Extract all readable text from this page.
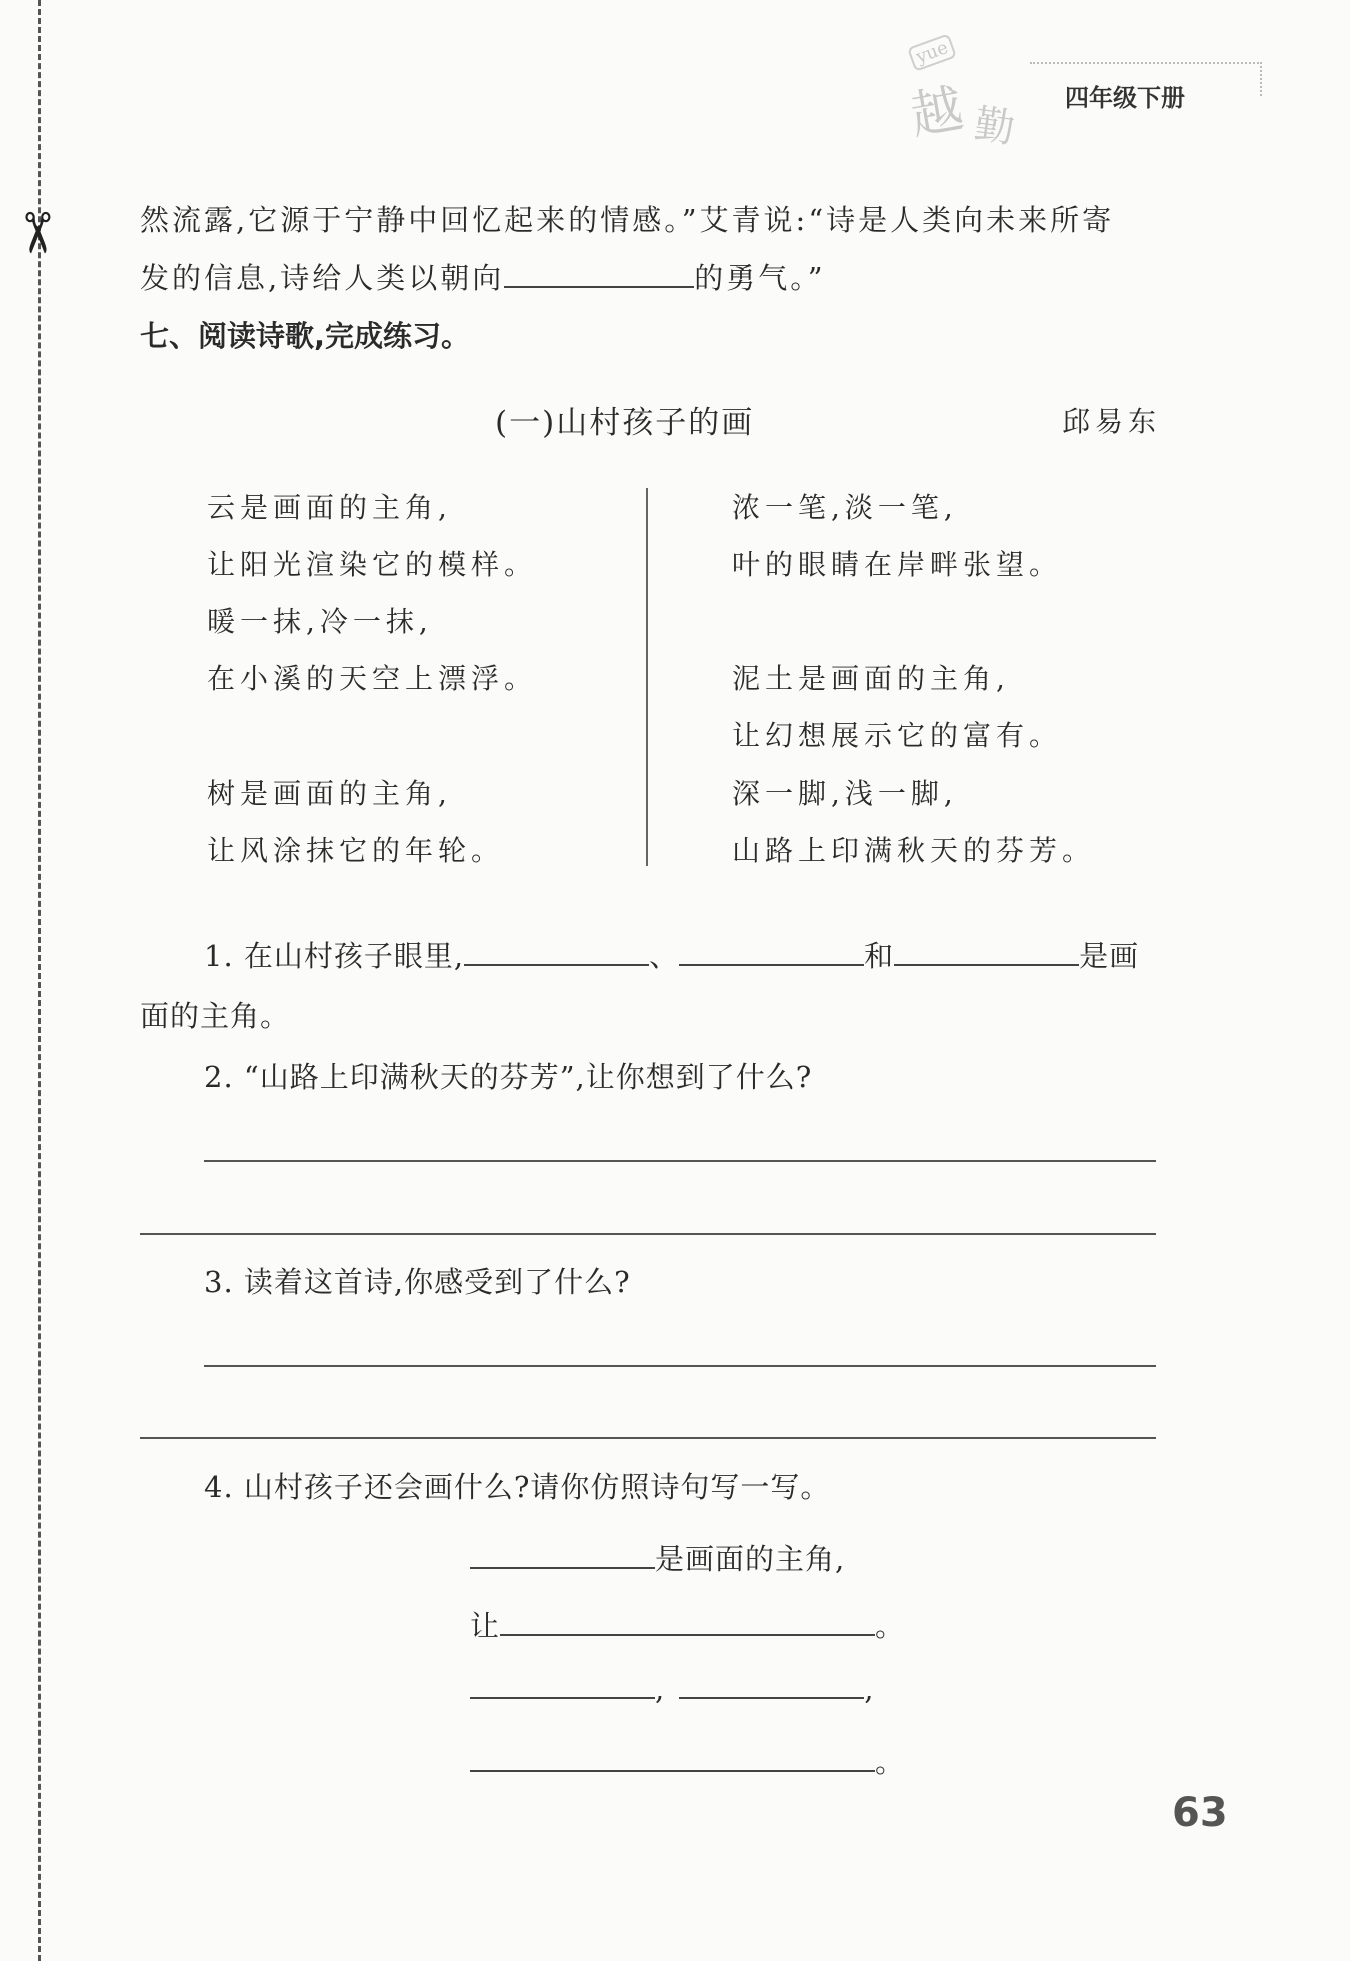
✂
yue
越 勤
四年级下册
然流露,它源于宁静中回忆起来的情感。”艾青说:“诗是人类向未来所寄
发的信息,诗给人类以朝向	的勇气。”
七、阅读诗歌,完成练习。
(一)山村孩子的画	邱易东
云是画面的主角,
让阳光渲染它的模样。
暖一抹,冷一抹,
在小溪的天空上漂浮。
树是画面的主角,
让风涂抹它的年轮。
浓一笔,淡一笔,
叶的眼睛在岸畔张望。
泥土是画面的主角,
让幻想展示它的富有。
深一脚,浅一脚,
山路上印满秋天的芬芳。
1. 在山村孩子眼里,	、	和	是画
面的主角。
2. “山路上印满秋天的芬芳”,让你想到了什么?
3. 读着这首诗,你感受到了什么?
4. 山村孩子还会画什么?请你仿照诗句写一写。
是画面的主角,
让	。
,	,
。
63
